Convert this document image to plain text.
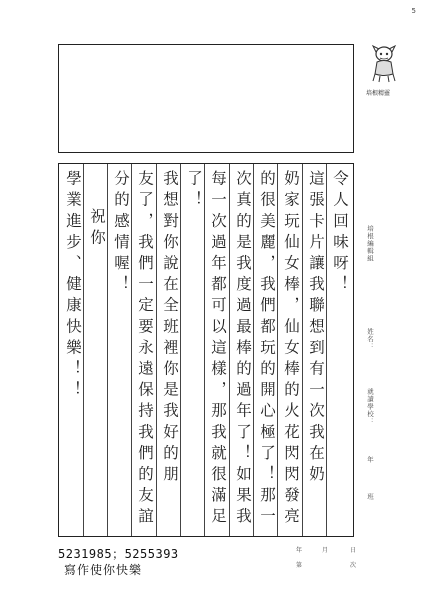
5
培根精靈
令人回味呀！
這張卡片讓我聯想到有一次我在奶
奶家玩仙女棒，仙女棒的火花閃閃發亮
的很美麗，我們都玩的開心極了！那一
次真的是我度過最棒的過年了！如果我
每一次過年都可以這樣，那我就很滿足
了！
我想對你說在全班裡你是我好的朋
友了，我們一定要永遠保持我們的友誼
分的感情喔！
祝你
學業進步、健康快樂！！	培根編輯組
姓名：
就讀學校：
年
班
年	月	日
第	次
5231985；5255393
寫作使你快樂
